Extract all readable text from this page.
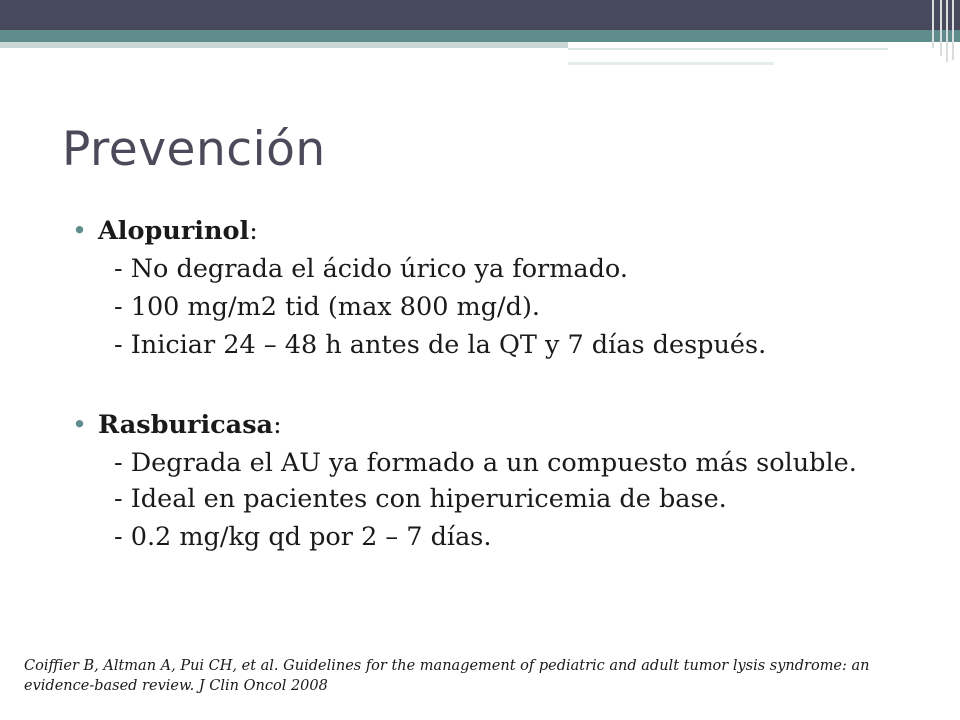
Prevención
• Alopurinol:
- No degrada el ácido úrico ya formado.
- 100 mg/m2 tid (max 800 mg/d).
- Iniciar 24 – 48 h antes de la QT y 7 días después.
• Rasburicasa:
- Degrada el AU ya formado a un compuesto más soluble.
- Ideal en pacientes con hiperuricemia de base.
- 0.2 mg/kg qd por 2 – 7 días.
Coiffier B, Altman A, Pui CH, et al. Guidelines for the management of pediatric and adult tumor lysis syndrome: an evidence-based review. J Clin Oncol 2008
